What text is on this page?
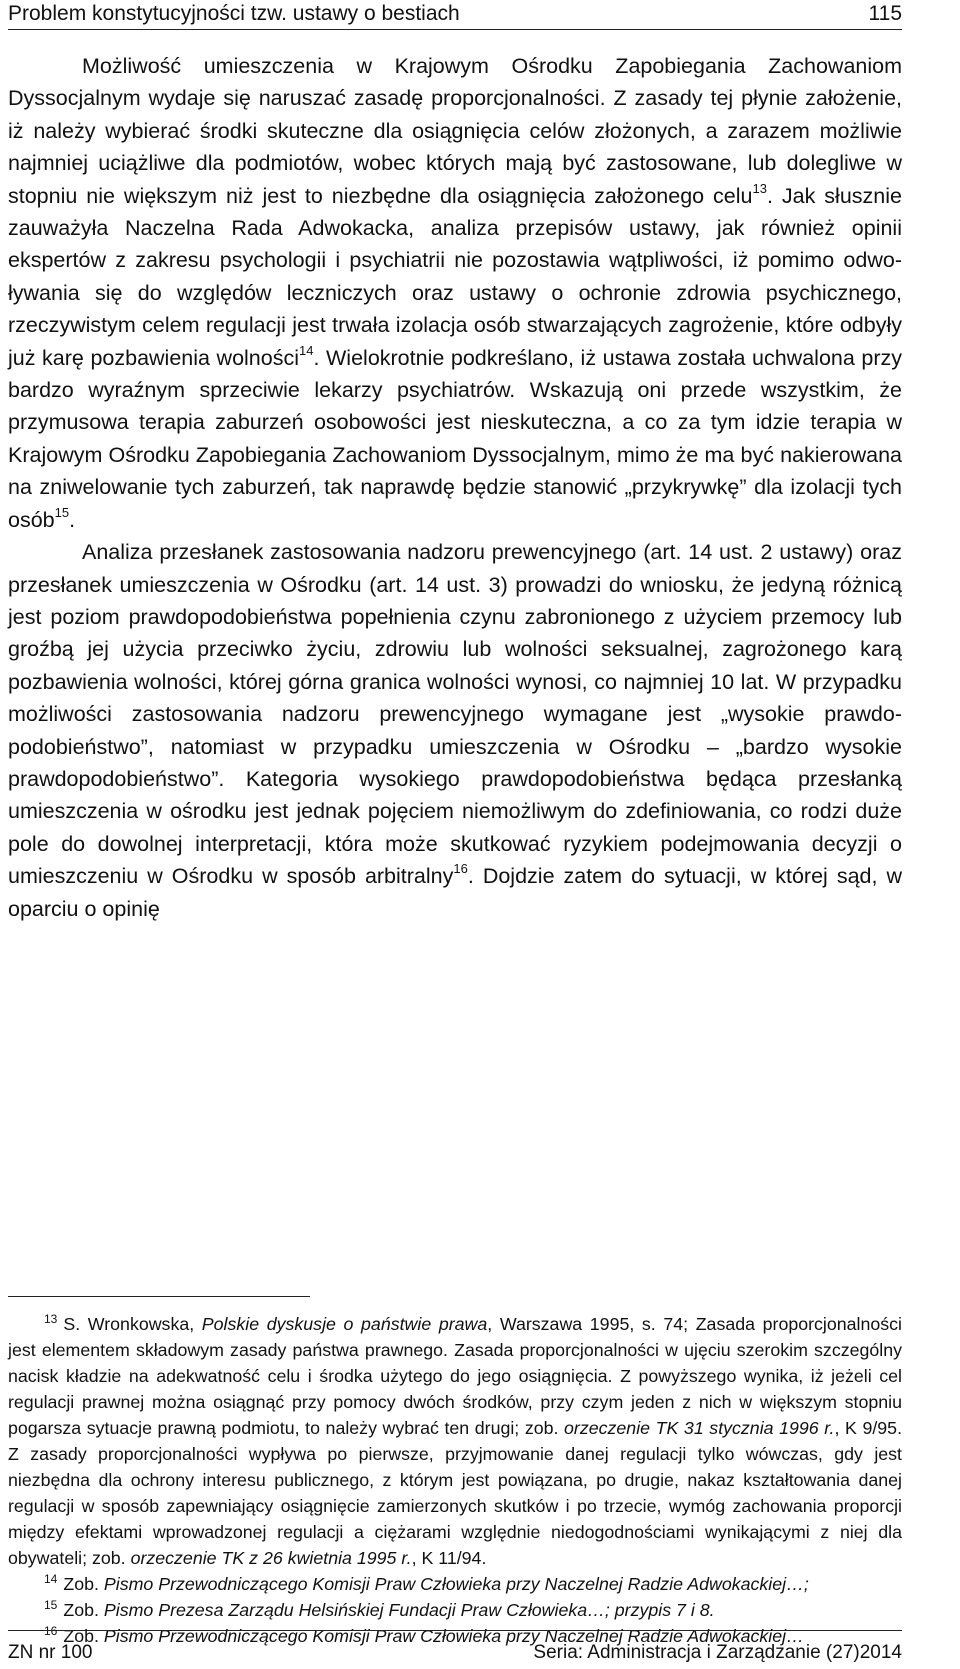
Problem konstytucyjności tzw. ustawy o bestiach	115

Możliwość umieszczenia w Krajowym Ośrodku Zapobiegania Zachowaniom Dyssocjalnym wydaje się naruszać zasadę proporcjonalności. Z zasady tej płynie założenie, iż należy wybierać środki skuteczne dla osiągnięcia celów złożonych, a zarazem możliwie najmniej uciążliwe dla podmiotów, wobec których mają być zastosowane, lub dolegliwe w stopniu nie większym niż jest to niezbędne dla osiągnięcia założonego celu$^{13}$. Jak słusznie zauważyła Naczelna Rada Adwokacka, analiza przepisów ustawy, jak również opinii ekspertów z zakresu psychologii i psychiatrii nie pozostawia wątpliwości, iż pomimo odwoływania się do względów leczniczych oraz ustawy o ochronie zdrowia psychicznego, rzeczywistym celem regulacji jest trwała izolacja osób stwarzających zagrożenie, które odbyły już karę pozbawienia wolności$^{14}$. Wielokrotnie podkreślano, iż ustawa została uchwalona przy bardzo wyraźnym sprzeciwie lekarzy psychiatrów. Wskazują oni przede wszystkim, że przymusowa terapia zaburzeń osobowości jest nieskuteczna, a co za tym idzie terapia w Krajowym Ośrodku Zapobiegania Zachowaniom Dyssocjalnym, mimo że ma być nakierowana na zniwelowanie tych zaburzeń, tak naprawdę będzie stanowić „przykrywkę” dla izolacji tych osób$^{15}$.

Analiza przesłanek zastosowania nadzoru prewencyjnego (art. 14 ust. 2 ustawy) oraz przesłanek umieszczenia w Ośrodku (art. 14 ust. 3) prowadzi do wniosku, że jedyną różnicą jest poziom prawdopodobieństwa popełnienia czynu zabronionego z użyciem przemocy lub groźbą jej użycia przeciwko życiu, zdrowiu lub wolności seksualnej, zagrożonego karą pozbawienia wolności, której górna granica wolności wynosi, co najmniej 10 lat. W przypadku możliwości zastosowania nadzoru prewencyjnego wymagane jest „wysokie prawdopodobieństwo”, natomiast w przypadku umieszczenia w Ośrodku – „bardzo wysokie prawdopodobieństwo”. Kategoria wysokiego prawdopodobieństwa będąca przesłanką umieszczenia w ośrodku jest jednak pojęciem niemożliwym do zdefiniowania, co rodzi duże pole do dowolnej interpretacji, która może skutkować ryzykiem podejmowania decyzji o umieszczeniu w Ośrodku w sposób arbitralny$^{16}$. Dojdzie zatem do sytuacji, w której sąd, w oparciu o opinię

$^{13}$ S. Wronkowska, Polskie dyskusje o państwie prawa, Warszawa 1995, s. 74; Zasada proporcjonalności jest elementem składowym zasady państwa prawnego. Zasada proporcjonalności w ujęciu szerokim szczególny nacisk kładzie na adekwatność celu i środka użytego do jego osiągnięcia. Z powyższego wynika, iż jeżeli cel regulacji prawnej można osiągnąć przy pomocy dwóch środków, przy czym jeden z nich w większym stopniu pogarsza sytuacje prawną podmiotu, to należy wybrać ten drugi; zob. orzeczenie TK 31 stycznia 1996 r., K 9/95. Z zasady proporcjonalności wypływa po pierwsze, przyjmowanie danej regulacji tylko wówczas, gdy jest niezbędna dla ochrony interesu publicznego, z którym jest powiązana, po drugie, nakaz kształtowania danej regulacji w sposób zapewniający osiągnięcie zamierzonych skutków i po trzecie, wymóg zachowania proporcji między efektami wprowadzonej regulacji a ciężarami względnie niedogodnościami wynikającymi z niej dla obywateli; zob. orzeczenie TK z 26 kwietnia 1995 r., K 11/94.

$^{14}$ Zob. Pismo Przewodniczącego Komisji Praw Człowieka przy Naczelnej Radzie Adwokackiej…;

$^{15}$ Zob. Pismo Prezesa Zarządu Helsińskiej Fundacji Praw Człowieka…; przypis 7 i 8.

$^{16}$ Zob. Pismo Przewodniczącego Komisji Praw Człowieka przy Naczelnej Radzie Adwokackiej…

ZN nr 100	Seria: Administracja i Zarządzanie (27)2014
